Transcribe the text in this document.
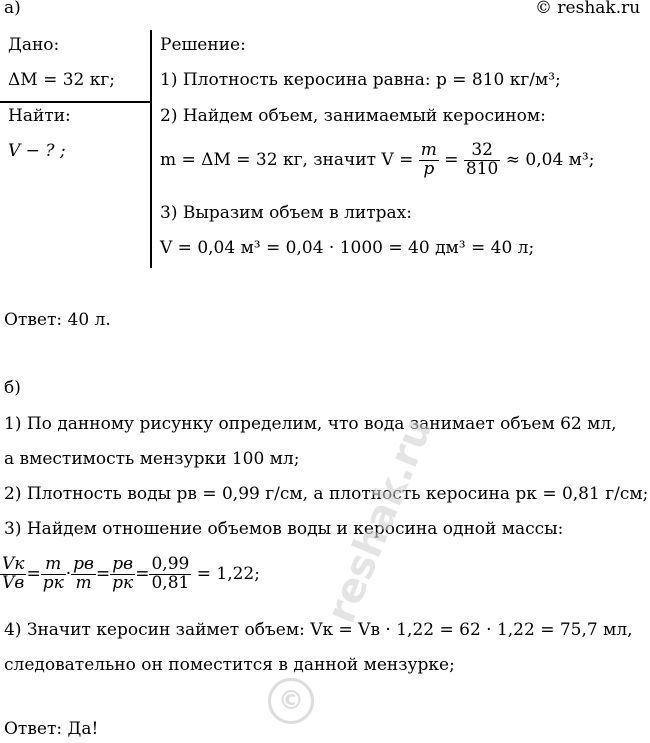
а)	© reshak.ru
Дано:
ΔM = 32 кг;
Найти:
V − ? ;
Решение:
1) Плотность керосина равна: p = 810 кг/м³;
2) Найдем объем, занимаемый керосином:
m = ΔM = 32 кг, значит $V = \frac{m}{p} = \frac{32}{810} \approx 0,04$ м³;
3) Выразим объем в литрах:
V = 0,04 м³ = 0,04 · 1000 = 40 дм³ = 40 л;
Ответ: 40 л.
б)
1) По данному рисунку определим, что вода занимает объем 62 мл,
а вместимость мензурки 100 мл;
2) Плотность воды pв = 0,99 г/см, а плотность керосина pк = 0,81 г/см;
3) Найдем отношение объемов воды и керосина одной массы:
$\frac{Vк}{Vв} = \frac{m}{pк} \cdot \frac{pв}{m} = \frac{pв}{pк} = \frac{0,99}{0,81} = 1,22$;
4) Значит керосин займет объем: Vк = Vв · 1,22 = 62 · 1,22 = 75,7 мл,
следовательно он поместится в данной мензурке;
Ответ: Да!
reshak.ru
©
